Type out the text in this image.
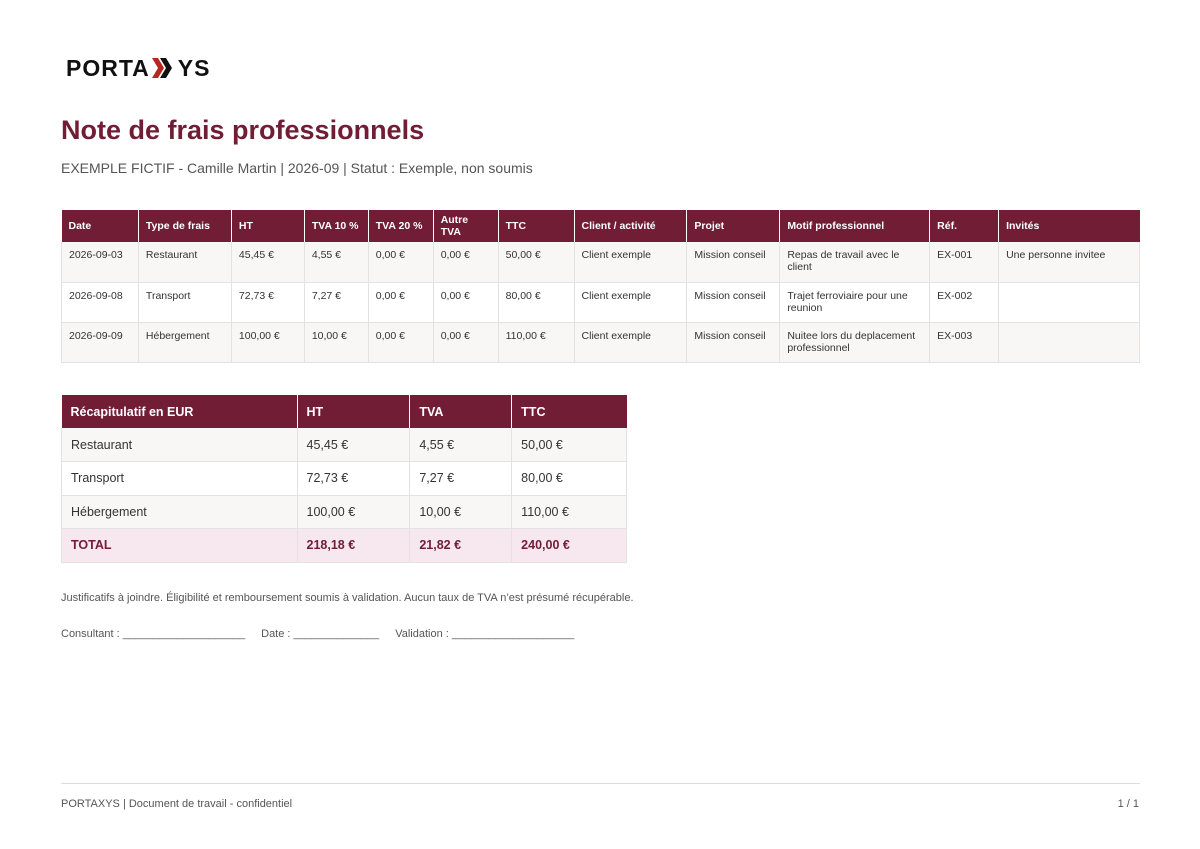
PORTA YS
Note de frais professionnels
EXEMPLE FICTIF - Camille Martin | 2026-09 | Statut : Exemple, non soumis
Date	Type de frais	HT	TVA 10 %	TVA 20 %	Autre TVA	TTC	Client / activité	Projet	Motif professionnel	Réf.	Invités
2026-09-03	Restaurant	45,45 €	4,55 €	0,00 €	0,00 €	50,00 €	Client exemple	Mission conseil	Repas de travail avec le client	EX-001	Une personne invitee
2026-09-08	Transport	72,73 €	7,27 €	0,00 €	0,00 €	80,00 €	Client exemple	Mission conseil	Trajet ferroviaire pour une reunion	EX-002	
2026-09-09	Hébergement	100,00 €	10,00 €	0,00 €	0,00 €	110,00 €	Client exemple	Mission conseil	Nuitee lors du deplacement professionnel	EX-003	
Récapitulatif en EUR	HT	TVA	TTC
Restaurant	45,45 €	4,55 €	50,00 €
Transport	72,73 €	7,27 €	80,00 €
Hébergement	100,00 €	10,00 €	110,00 €
TOTAL	218,18 €	21,82 €	240,00 €
Justificatifs à joindre. Éligibilité et remboursement soumis à validation. Aucun taux de TVA n’est présumé récupérable.
Consultant : ____________________ Date : ______________ Validation : ____________________
PORTAXYS | Document de travail - confidentiel	1 / 1
